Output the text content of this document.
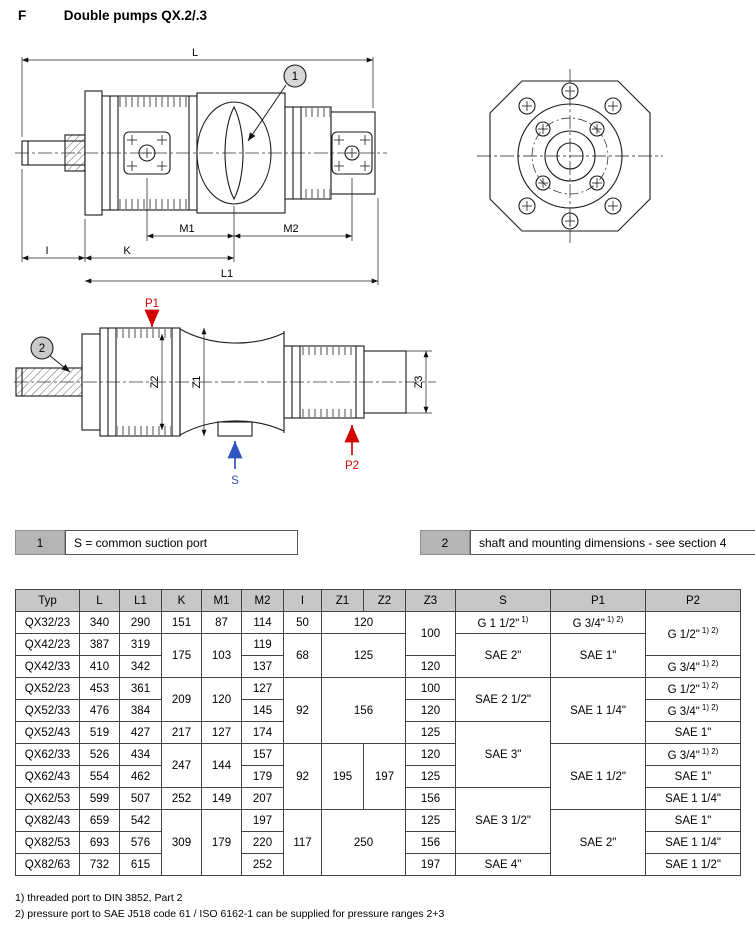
F	Double pumps QX.2/.3
1
L
M1	M2
I	K
L1
2
Z2	Z1	Z3
P1
S
P2
1	S = common suction port	2	shaft and mounting dimensions - see section 4
Typ	L	L1	K	M1	M2	I	Z1	Z2	Z3	S	P1	P2
QX32/23	340	290	151	87	114	50	120		100	G 1 1/2" $^{1)}$	G 3/4" $^{1) 2)}$	G 1/2" $^{1) 2)}$
QX42/23	387	319	175	103	119	68	125			SAE 2"	SAE 1"	
QX42/33	410	342			137				120			G 3/4" $^{1) 2)}$
QX52/23	453	361	209	120	127	92	156		100	SAE 2 1/2"	SAE 1 1/4"	G 1/2" $^{1) 2)}$
QX52/33	476	384			145				120			G 3/4" $^{1) 2)}$
QX52/43	519	427	217	127	174				125	SAE 3"		SAE 1"
QX62/33	526	434	247	144	157	92	195	197	120		SAE 1 1/2"	G 3/4" $^{1) 2)}$
QX62/43	554	462			179				125			SAE 1"
QX62/53	599	507	252	149	207				156	SAE 3 1/2"		SAE 1 1/4"
QX82/43	659	542	309	179	197	117	250		125		SAE 2"	SAE 1"
QX82/53	693	576			220				156			SAE 1 1/4"
QX82/63	732	615			252				197	SAE 4"		SAE 1 1/2"
1) threaded port to DIN 3852, Part 2
2) pressure port to SAE J518 code 61 / ISO 6162-1 can be supplied for pressure ranges 2+3
